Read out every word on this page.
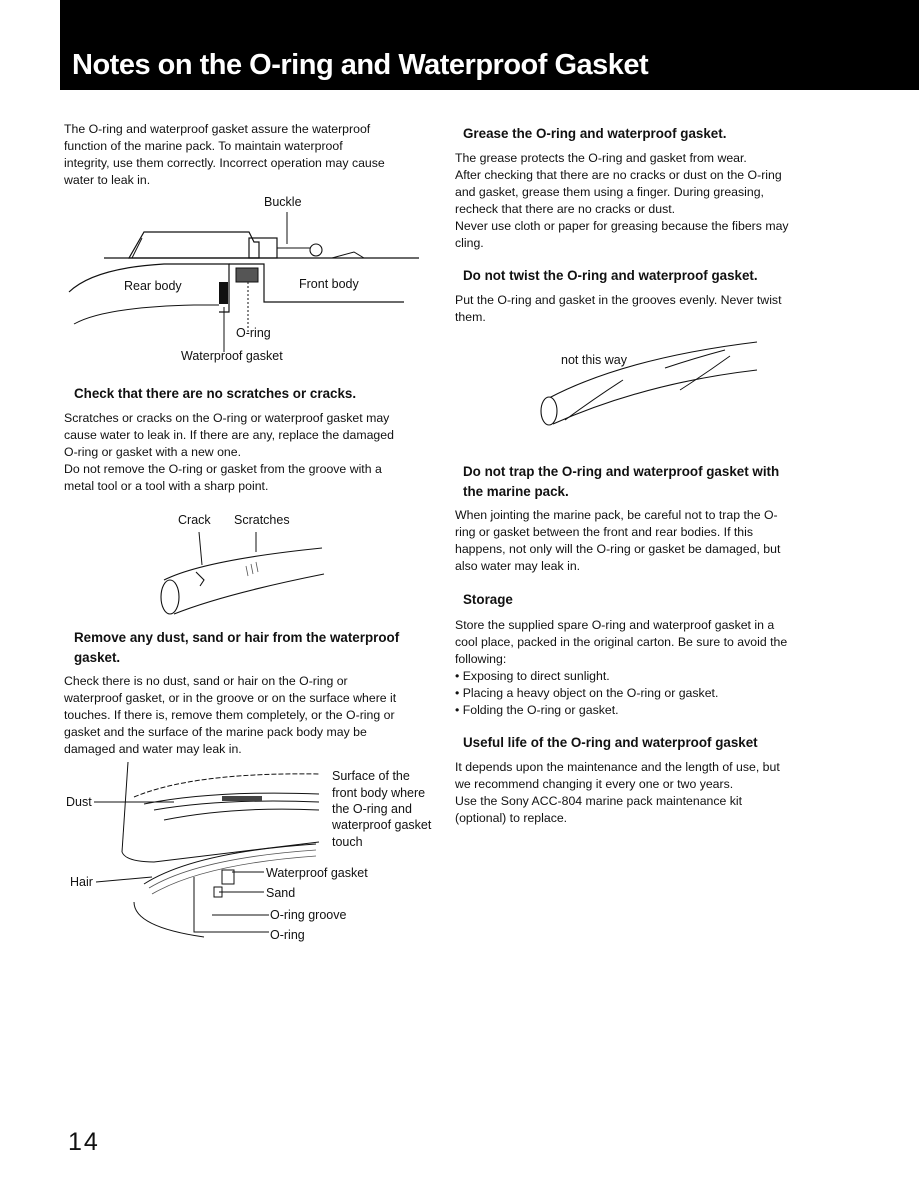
Notes on the O-ring and Waterproof Gasket
The O-ring and waterproof gasket assure the waterproof
function of the marine pack. To maintain waterproof
integrity, use them correctly. Incorrect operation may cause
water to leak in.
Buckle
Rear body	Front body
O-ring
Waterproof gasket
Check that there are no scratches or cracks.
Scratches or cracks on the O-ring or waterproof gasket may
cause water to leak in. If there are any, replace the damaged
O-ring or gasket with a new one.
Do not remove the O-ring or gasket from the groove with a
metal tool or a tool with a sharp point.
Crack Scratches
Remove any dust, sand or hair from the waterproof
gasket.
Check there is no dust, sand or hair on the O-ring or
waterproof gasket, or in the groove or on the surface where it
touches. If there is, remove them completely, or the O-ring or
gasket and the surface of the marine pack body may be
damaged and water may leak in.
Dust
Hair
Surface of the
front body where
the O-ring and
waterproof gasket
touch
Waterproof gasket
Sand
O-ring groove
O-ring
Grease the O-ring and waterproof gasket.
The grease protects the O-ring and gasket from wear.
After checking that there are no cracks or dust on the O-ring
and gasket, grease them using a finger. During greasing,
recheck that there are no cracks or dust.
Never use cloth or paper for greasing because the fibers may
cling.
Do not twist the O-ring and waterproof gasket.
Put the O-ring and gasket in the grooves evenly. Never twist
them.
not this way
Do not trap the O-ring and waterproof gasket with
the marine pack.
When jointing the marine pack, be careful not to trap the O-
ring or gasket between the front and rear bodies. If this
happens, not only will the O-ring or gasket be damaged, but
also water may leak in.
Storage
Store the supplied spare O-ring and waterproof gasket in a
cool place, packed in the original carton. Be sure to avoid the
following:
• Exposing to direct sunlight.
• Placing a heavy object on the O-ring or gasket.
• Folding the O-ring or gasket.
Useful life of the O-ring and waterproof gasket
It depends upon the maintenance and the length of use, but
we recommend changing it every one or two years.
Use the Sony ACC-804 marine pack maintenance kit
(optional) to replace.
14
